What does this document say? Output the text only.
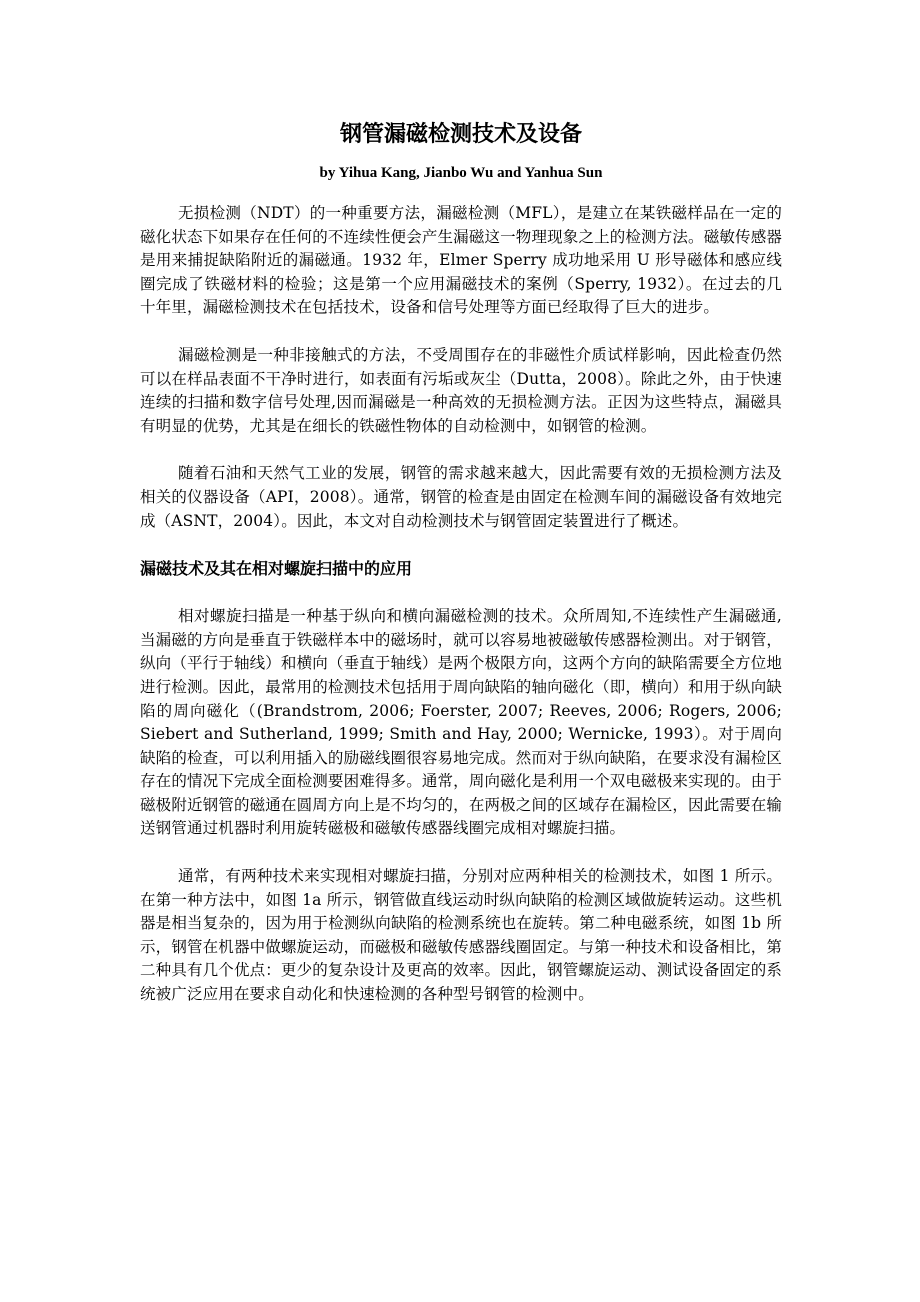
钢管漏磁检测技术及设备
by Yihua Kang, Jianbo Wu and Yanhua Sun

无损检测（NDT）的一种重要方法，漏磁检测（MFL），是建立在某铁磁样品在一定的磁化状态下如果存在任何的不连续性便会产生漏磁这一物理现象之上的检测方法。磁敏传感器是用来捕捉缺陷附近的漏磁通。1932 年，Elmer Sperry 成功地采用 U 形导磁体和感应线圈完成了铁磁材料的检验；这是第一个应用漏磁技术的案例（Sperry, 1932）。在过去的几十年里，漏磁检测技术在包括技术，设备和信号处理等方面已经取得了巨大的进步。

漏磁检测是一种非接触式的方法，不受周围存在的非磁性介质试样影响，因此检查仍然可以在样品表面不干净时进行，如表面有污垢或灰尘（Dutta，2008）。除此之外，由于快速连续的扫描和数字信号处理,因而漏磁是一种高效的无损检测方法。正因为这些特点，漏磁具有明显的优势，尤其是在细长的铁磁性物体的自动检测中，如钢管的检测。

随着石油和天然气工业的发展，钢管的需求越来越大，因此需要有效的无损检测方法及相关的仪器设备（API，2008）。通常，钢管的检查是由固定在检测车间的漏磁设备有效地完成（ASNT，2004）。因此，本文对自动检测技术与钢管固定装置进行了概述。

漏磁技术及其在相对螺旋扫描中的应用

相对螺旋扫描是一种基于纵向和横向漏磁检测的技术。众所周知,不连续性产生漏磁通,当漏磁的方向是垂直于铁磁样本中的磁场时，就可以容易地被磁敏传感器检测出。对于钢管，纵向（平行于轴线）和横向（垂直于轴线）是两个极限方向，这两个方向的缺陷需要全方位地进行检测。因此，最常用的检测技术包括用于周向缺陷的轴向磁化（即，横向）和用于纵向缺陷的周向磁化（(Brandstrom, 2006; Foerster, 2007; Reeves, 2006; Rogers, 2006; Siebert and Sutherland, 1999; Smith and Hay, 2000; Wernicke, 1993）。对于周向缺陷的检查，可以利用插入的励磁线圈很容易地完成。然而对于纵向缺陷，在要求没有漏检区存在的情况下完成全面检测要困难得多。通常，周向磁化是利用一个双电磁极来实现的。由于磁极附近钢管的磁通在圆周方向上是不均匀的，在两极之间的区域存在漏检区，因此需要在输送钢管通过机器时利用旋转磁极和磁敏传感器线圈完成相对螺旋扫描。

通常，有两种技术来实现相对螺旋扫描，分别对应两种相关的检测技术，如图 1 所示。在第一种方法中，如图 1a 所示，钢管做直线运动时纵向缺陷的检测区域做旋转运动。这些机器是相当复杂的，因为用于检测纵向缺陷的检测系统也在旋转。第二种电磁系统，如图 1b 所示，钢管在机器中做螺旋运动，而磁极和磁敏传感器线圈固定。与第一种技术和设备相比，第二种具有几个优点：更少的复杂设计及更高的效率。因此，钢管螺旋运动、测试设备固定的系统被广泛应用在要求自动化和快速检测的各种型号钢管的检测中。
